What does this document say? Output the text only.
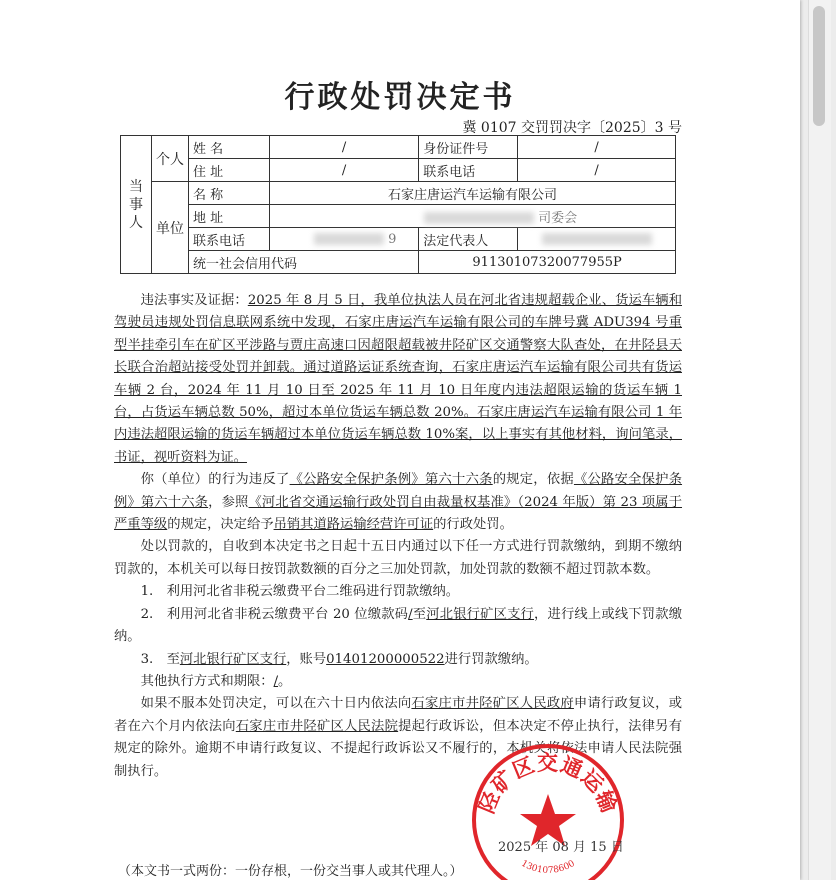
行政处罚决定书
冀 0107 交罚罚决字〔2025〕3 号
当事人	个人	姓 名	/	身份证件号	/
		住 址	/	联系电话	/
	单位	名 称	石家庄唐运汽车运输有限公司		
		地 址	司委会		
		联系电话	9	法定代表人	
		统一社会信用代码		91130107320077955P	

违法事实及证据：2025 年 8 月 5 日，我单位执法人员在河北省违规超载企业、货运车辆和驾驶员违规处罚信息联网系统中发现，石家庄唐运汽车运输有限公司的车牌号冀 ADU394 号重型半挂牵引车在矿区平涉路与贾庄高速口因超限超载被井陉矿区交通警察大队查处，在井陉县天长联合治超站接受处罚并卸载。通过道路运证系统查询，石家庄唐运汽车运输有限公司共有货运车辆 2 台，2024 年 11 月 10 日至 2025 年 11 月 10 日年度内违法超限运输的货运车辆 1 台，占货运车辆总数 50%，超过本单位货运车辆总数 20%。石家庄唐运汽车运输有限公司 1 年内违法超限运输的货运车辆超过本单位货运车辆总数 10%案，以上事实有其他材料，询问笔录，书证，视听资料为证。

你（单位）的行为违反了《公路安全保护条例》第六十六条的规定，依据《公路安全保护条例》第六十六条，参照《河北省交通运输行政处罚自由裁量权基准》（2024 年版）第 23 项属于严重等级的规定，决定给予吊销其道路运输经营许可证的行政处罚。

处以罚款的，自收到本决定书之日起十五日内通过以下任一方式进行罚款缴纳，到期不缴纳罚款的，本机关可以每日按罚款数额的百分之三加处罚款，加处罚款的数额不超过罚款本数。

1.　利用河北省非税云缴费平台二维码进行罚款缴纳。

2.　利用河北省非税云缴费平台 20 位缴款码/至河北银行矿区支行，进行线上或线下罚款缴纳。

3.　至河北银行矿区支行，账号01401200000522进行罚款缴纳。

其他执行方式和期限：/。

如果不服本处罚决定，可以在六十日内依法向石家庄市井陉矿区人民政府申请行政复议，或者在六个月内依法向石家庄市井陉矿区人民法院提起行政诉讼，但本决定不停止执行，法律另有规定的除外。逾期不申请行政复议、不提起行政诉讼又不履行的，本机关将依法申请人民法院强制执行。

陉矿区交通运输
1301078600
2025 年 08 月 15 日
（本文书一式两份：一份存根，一份交当事人或其代理人。）
